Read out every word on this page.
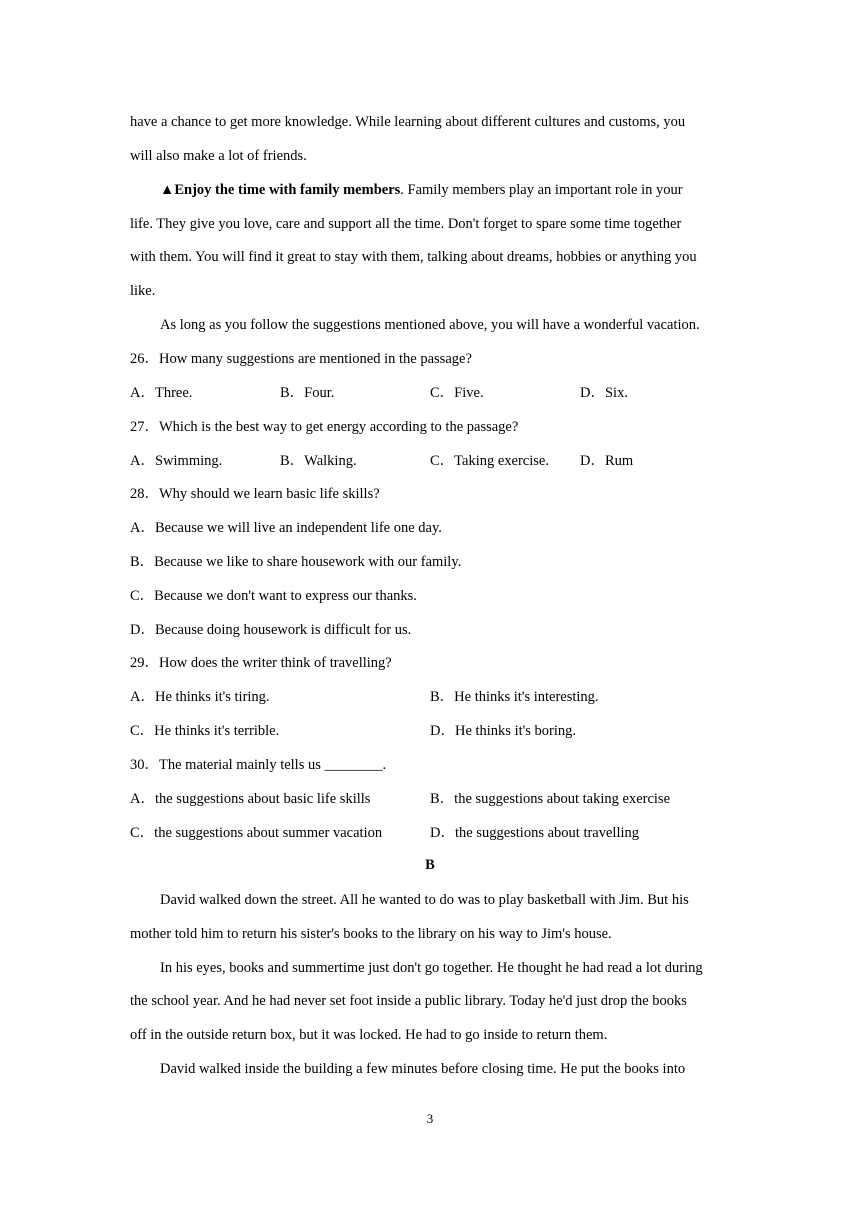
have a chance to get more knowledge. While learning about different cultures and customs, you
will also make a lot of friends.
▲Enjoy the time with family members. Family members play an important role in your
life. They give you love, care and support all the time. Don't forget to spare some time together
with them. You will find it great to stay with them, talking about dreams, hobbies or anything you
like.
As long as you follow the suggestions mentioned above, you will have a wonderful vacation.
26．How many suggestions are mentioned in the passage?
A．Three.	B．Four.	C．Five.	D．Six.
27．Which is the best way to get energy according to the passage?
A．Swimming.	B．Walking.	C．Taking exercise. D．Rum
28．Why should we learn basic life skills?
A．Because we will live an independent life one day.
B．Because we like to share housework with our family.
C．Because we don't want to express our thanks.
D．Because doing housework is difficult for us.
29．How does the writer think of travelling?
A．He thinks it's tiring.	B．He thinks it's interesting.
C．He thinks it's terrible.	D．He thinks it's boring.
30．The material mainly tells us ________.
A．the suggestions about basic life skills	B．the suggestions about taking exercise
C．the suggestions about summer vacation	D．the suggestions about travelling
B
David walked down the street. All he wanted to do was to play basketball with Jim. But his
mother told him to return his sister's books to the library on his way to Jim's house.
In his eyes, books and summertime just don't go together. He thought he had read a lot during
the school year. And he had never set foot inside a public library. Today he'd just drop the books
off in the outside return box, but it was locked. He had to go inside to return them.
David walked inside the building a few minutes before closing time. He put the books into
3
